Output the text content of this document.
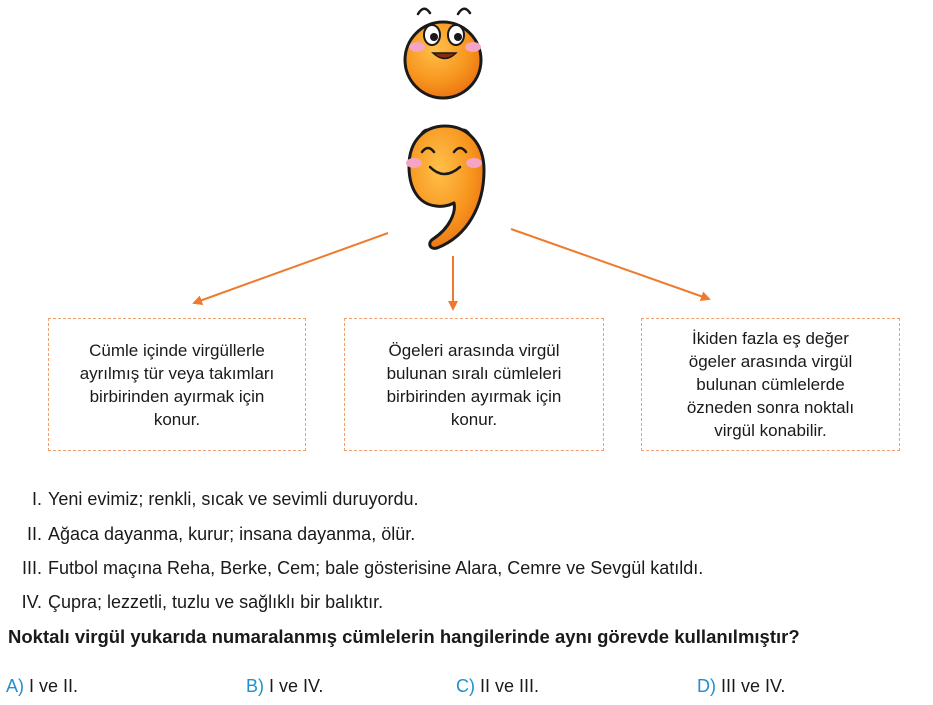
Cümle içinde virgüllerle
ayrılmış tür veya takımları
birbirinden ayırmak için
konur.
Ögeleri arasında virgül
bulunan sıralı cümleleri
birbirinden ayırmak için
konur.
İkiden fazla eş değer
ögeler arasında virgül
bulunan cümlelerde
özneden sonra noktalı
virgül konabilir.
I. Yeni evimiz; renkli, sıcak ve sevimli duruyordu.
II. Ağaca dayanma, kurur; insana dayanma, ölür.
III. Futbol maçına Reha, Berke, Cem; bale gösterisine Alara, Cemre ve Sevgül katıldı.
IV. Çupra; lezzetli, tuzlu ve sağlıklı bir balıktır.
Noktalı virgül yukarıda numaralanmış cümlelerin hangilerinde aynı görevde kullanılmıştır?
A) I ve II.	B) I ve IV.	C) II ve III.	D) III ve IV.
